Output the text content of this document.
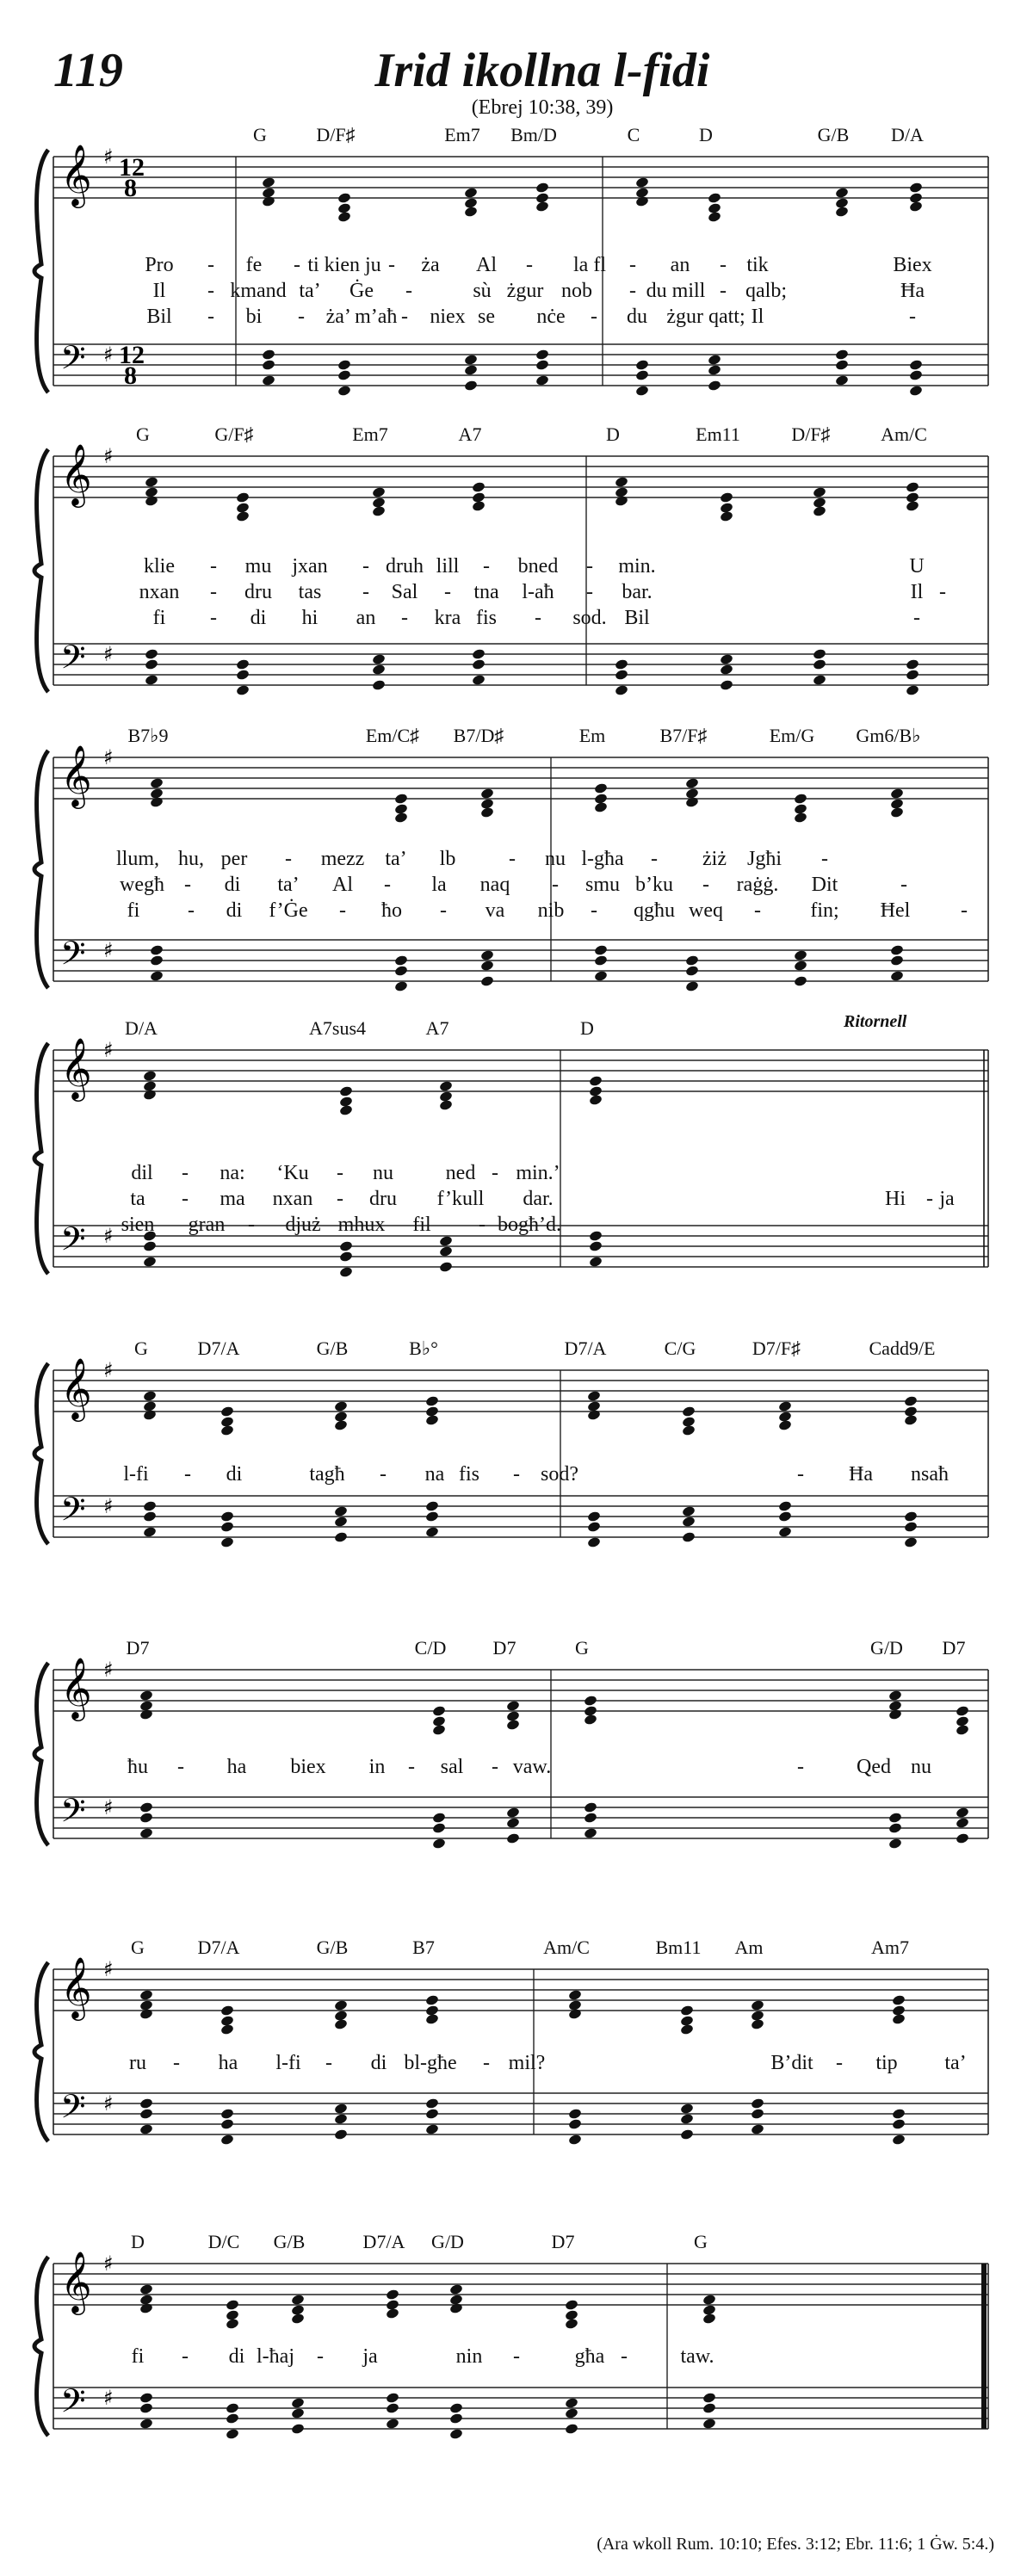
119	Irid ikollna l-fidi
(Ebrej 10:38, 39)
𝄞
𝄢
♯
♯
12
8
12
8
G	D/F♯	Em7 Bm/D	C	D	G/B D/A
Pro - fe - ti kien ju - ża Al - la fl - an - tik	Biex
Il - kmand ta’ Ġe -	sù żgur nob - du mill - qalb;	Ħa
Bil - bi - ża’ m’aħ - niex se nċe - du żgur qatt; Il	-
𝄞
𝄢
♯
♯
G	G/F♯	Em7	A7	D	Em11	D/F♯	Am/C
klie - mu jxan - druh lill - bned - min.	U
nxan - dru tas - Sal - tna l-aħ - bar.	Il -
fi - di hi an - kra fis - sod. Bil	-
𝄞
𝄢
♯
♯
B7♭9	Em/C♯ B7/D♯	Em	B7/F♯	Em/G Gm6/B♭
llum, hu, per - mezz ta’ lb	- nu l-għa - żiż Jgħi -
wegħ - di ta’ Al - la naq - smu b’ku - raġġ. Dit	-
fi - di f’Ġe - ħo - va nib - qgħu weq - fin; Ħel -
𝄞
𝄢
♯
♯
D/A	A7sus4	A7	D
dil - na: ‘Ku - nu	ned - min.’
ta - ma nxan - dru f’kull dar.	Hi - ja
sien gran - djuż mhux fil - bogħ’d.
Ritornell
𝄞
𝄢
♯
♯
G	D7/A	G/B	B♭°	D7/A	C/G	D7/F♯	Cadd9/E
l-fi - di	tagħ - na fis - sod?	Ħa nsaħ
-
𝄞
𝄢
♯
♯
D7	C/D D7	G	G/D D7
ħu - ha biex in - sal - vaw.	Qed nu
-
𝄞
𝄢
♯
♯
G	D7/A	G/B	B7	Am/C	Bm11 Am	Am7
ru - ha l-fi - di bl-għe - mil?	B’dit - tip ta’
𝄞
𝄢
♯
♯
D	D/C G/B	D7/A G/D	D7	G
fi - di l-ħaj - ja	nin -	għa -	taw.
(Ara wkoll Rum. 10:10; Efes. 3:12; Ebr. 11:6; 1 Ġw. 5:4.)
